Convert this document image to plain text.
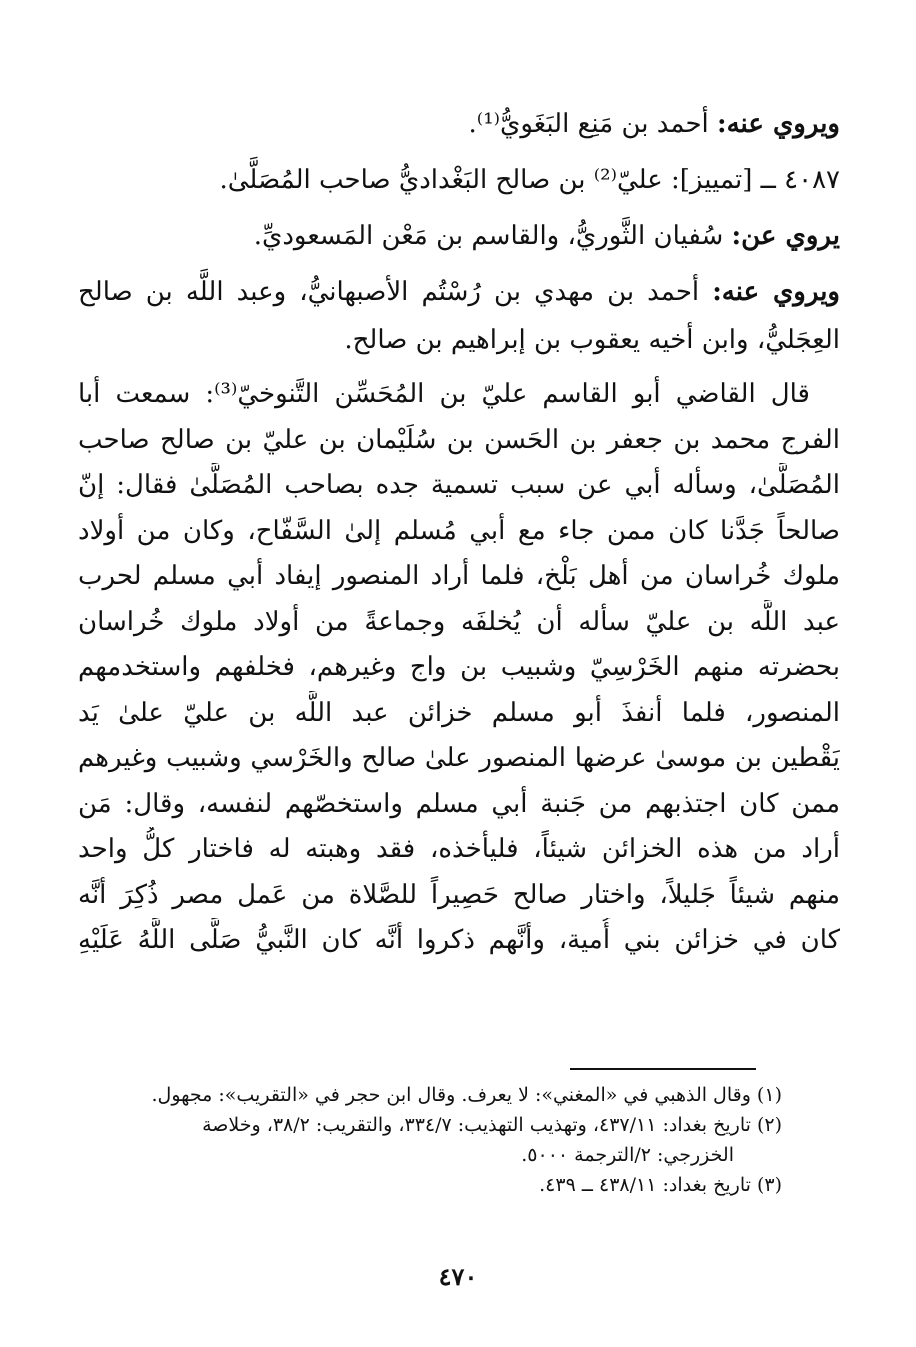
ويروي عنه: أحمد بن مَنِع البَغَويُّ⁽¹⁾.

٤٠٨٧ ــ [تمييز]: عليّ⁽²⁾ بن صالح البَغْداديُّ صاحب المُصَلَّىٰ.

يروي عن: سُفيان الثَّوريُّ، والقاسم بن مَعْن المَسعوديِّ.

ويروي عنه: أحمد بن مهدي بن رُسْتُم الأصبهانيُّ، وعبد اللَّه بن صالح العِجَليُّ، وابن أخيه يعقوب بن إبراهيم بن صالح.

قال القاضي أبو القاسم عليّ بن المُحَسِّن التَّنوخيّ⁽³⁾: سمعت أبا
الفرج محمد بن جعفر بن الحَسن بن سُلَيْمان بن عليّ بن صالح صاحب
المُصَلَّىٰ، وسأله أبي عن سبب تسمية جده بصاحب المُصَلَّىٰ فقال: إنّ
صالحاً جَدَّنا كان ممن جاء مع أبي مُسلم إلىٰ السَّفّاح، وكان من أولاد
ملوك خُراسان من أهل بَلْخ، فلما أراد المنصور إيفاد أبي مسلم لحرب
عبد اللَّه بن عليّ سأله أن يُخلفَه وجماعةً من أولاد ملوك خُراسان
بحضرته منهم الخَرْسِيّ وشبيب بن واج وغيرهم، فخلفهم واستخدمهم
المنصور، فلما أنفذَ أبو مسلم خزائن عبد اللَّه بن عليّ علىٰ يَد
يَقْطين بن موسىٰ عرضها المنصور علىٰ صالح والخَرْسي وشبيب وغيرهم
ممن كان اجتذبهم من جَنبة أبي مسلم واستخصّهم لنفسه، وقال: مَن
أراد من هذه الخزائن شيئاً، فليأخذه، فقد وهبته له فاختار كلُّ واحد
منهم شيئاً جَليلاً، واختار صالح حَصِيراً للصَّلاة من عَمل مصر ذُكِرَ أنَّه
كان في خزائن بني أُمية، وأنَّهم ذكروا أنَّه كان النَّبيُّ صَلَّى اللَّهُ عَلَيْهِ

(١) وقال الذهبي في «المغني»: لا يعرف. وقال ابن حجر في «التقريب»: مجهول.

(٢) تاريخ بغداد: ٤٣٧/١١، وتهذيب التهذيب: ٣٣٤/٧، والتقريب: ٣٨/٢، وخلاصة
الخزرجي: ٢/الترجمة ٥٠٠٠.

(٣) تاريخ بغداد: ٤٣٨/١١ ــ ٤٣٩.

٤٧٠
